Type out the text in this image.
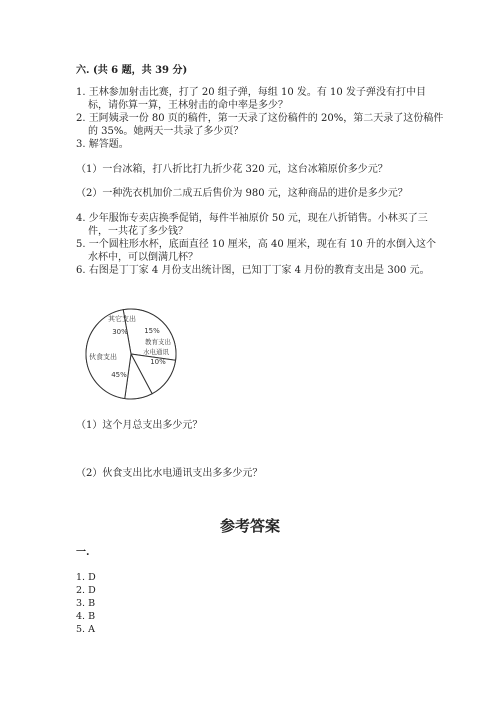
六. (共 6 题，共 39 分)
1. 王林参加射击比赛，打了 20 组子弹，每组 10 发。有 10 发子弹没有打中目
标，请你算一算，王林射击的命中率是多少？
2. 王阿姨录一份 80 页的稿件，第一天录了这份稿件的 20%，第二天录了这份稿件
的 35%。她两天一共录了多少页？
3. 解答题。
（1）一台冰箱，打八折比打九折少花 320 元，这台冰箱原价多少元？
（2）一种洗衣机加价二成五后售价为 980 元，这种商品的进价是多少元？
4. 少年服饰专卖店换季促销，每件半袖原价 50 元，现在八折销售。小林买了三
件，一共花了多少钱？
5. 一个圆柱形水杯，底面直径 10 厘米，高 40 厘米，现在有 10 升的水倒入这个
水杯中，可以倒满几杯？
6. 右图是丁丁家 4 月份支出统计图，已知丁丁家 4 月份的教育支出是 300 元。
其它支出
30% 15%
教育支出
水电通讯
10%
伙食支出
45%
（1）这个月总支出多少元？
（2）伙食支出比水电通讯支出多多少元？
参考答案
一.
1. D
2. D
3. B
4. B
5. A
